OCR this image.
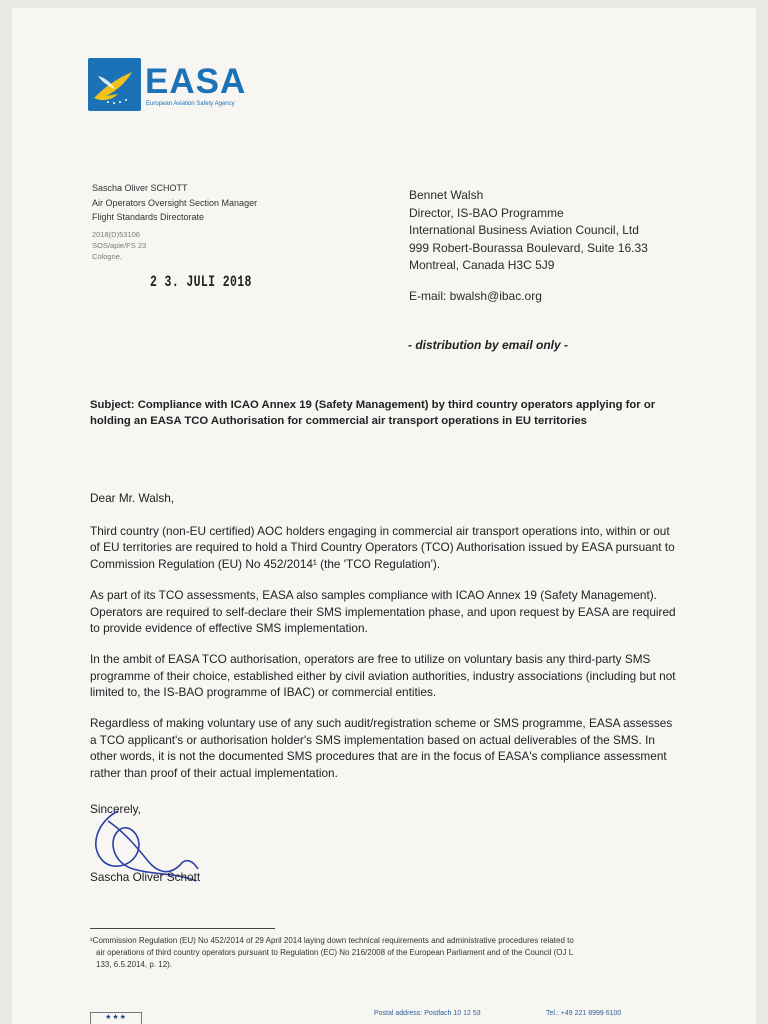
EASA
European Aviation Safety Agency
Sascha Oliver SCHOTT
Air Operators Oversight Section Manager
Flight Standards Directorate
2018(D)53106
SOS/apie/FS 23
Cologne,
2 3. JULI 2018
Bennet Walsh
Director, IS-BAO Programme
International Business Aviation Council, Ltd
999 Robert-Bourassa Boulevard, Suite 16.33
Montreal, Canada H3C 5J9
E-mail: bwalsh@ibac.org
- distribution by email only -
Subject: Compliance with ICAO Annex 19 (Safety Management) by third country operators applying for or holding an EASA TCO Authorisation for commercial air transport operations in EU territories

Dear Mr. Walsh,

Third country (non-EU certified) AOC holders engaging in commercial air transport operations into, within or out of EU territories are required to hold a Third Country Operators (TCO) Authorisation issued by EASA pursuant to Commission Regulation (EU) No 452/2014¹ (the 'TCO Regulation').

As part of its TCO assessments, EASA also samples compliance with ICAO Annex 19 (Safety Management). Operators are required to self-declare their SMS implementation phase, and upon request by EASA are required to provide evidence of effective SMS implementation.

In the ambit of EASA TCO authorisation, operators are free to utilize on voluntary basis any third-party SMS programme of their choice, established either by civil aviation authorities, industry associations (including but not limited to, the IS-BAO programme of IBAC) or commercial entities.

Regardless of making voluntary use of any such audit/registration scheme or SMS programme, EASA assesses a TCO applicant's or authorisation holder's SMS implementation based on actual deliverables of the SMS. In other words, it is not the documented SMS procedures that are in the focus of EASA's compliance assessment rather than proof of their actual implementation.

Sincerely,
Sascha Oliver Schott
¹Commission Regulation (EU) No 452/2014 of 29 April 2014 laying down technical requirements and administrative procedures related to
air operations of third country operators pursuant to Regulation (EC) No 216/2008 of the European Parliament and of the Council (OJ L
133, 6.5.2014, p. 12).
★★★
Postal address: Postfach 10 12 53	Tel.: +49 221 8999 6100
